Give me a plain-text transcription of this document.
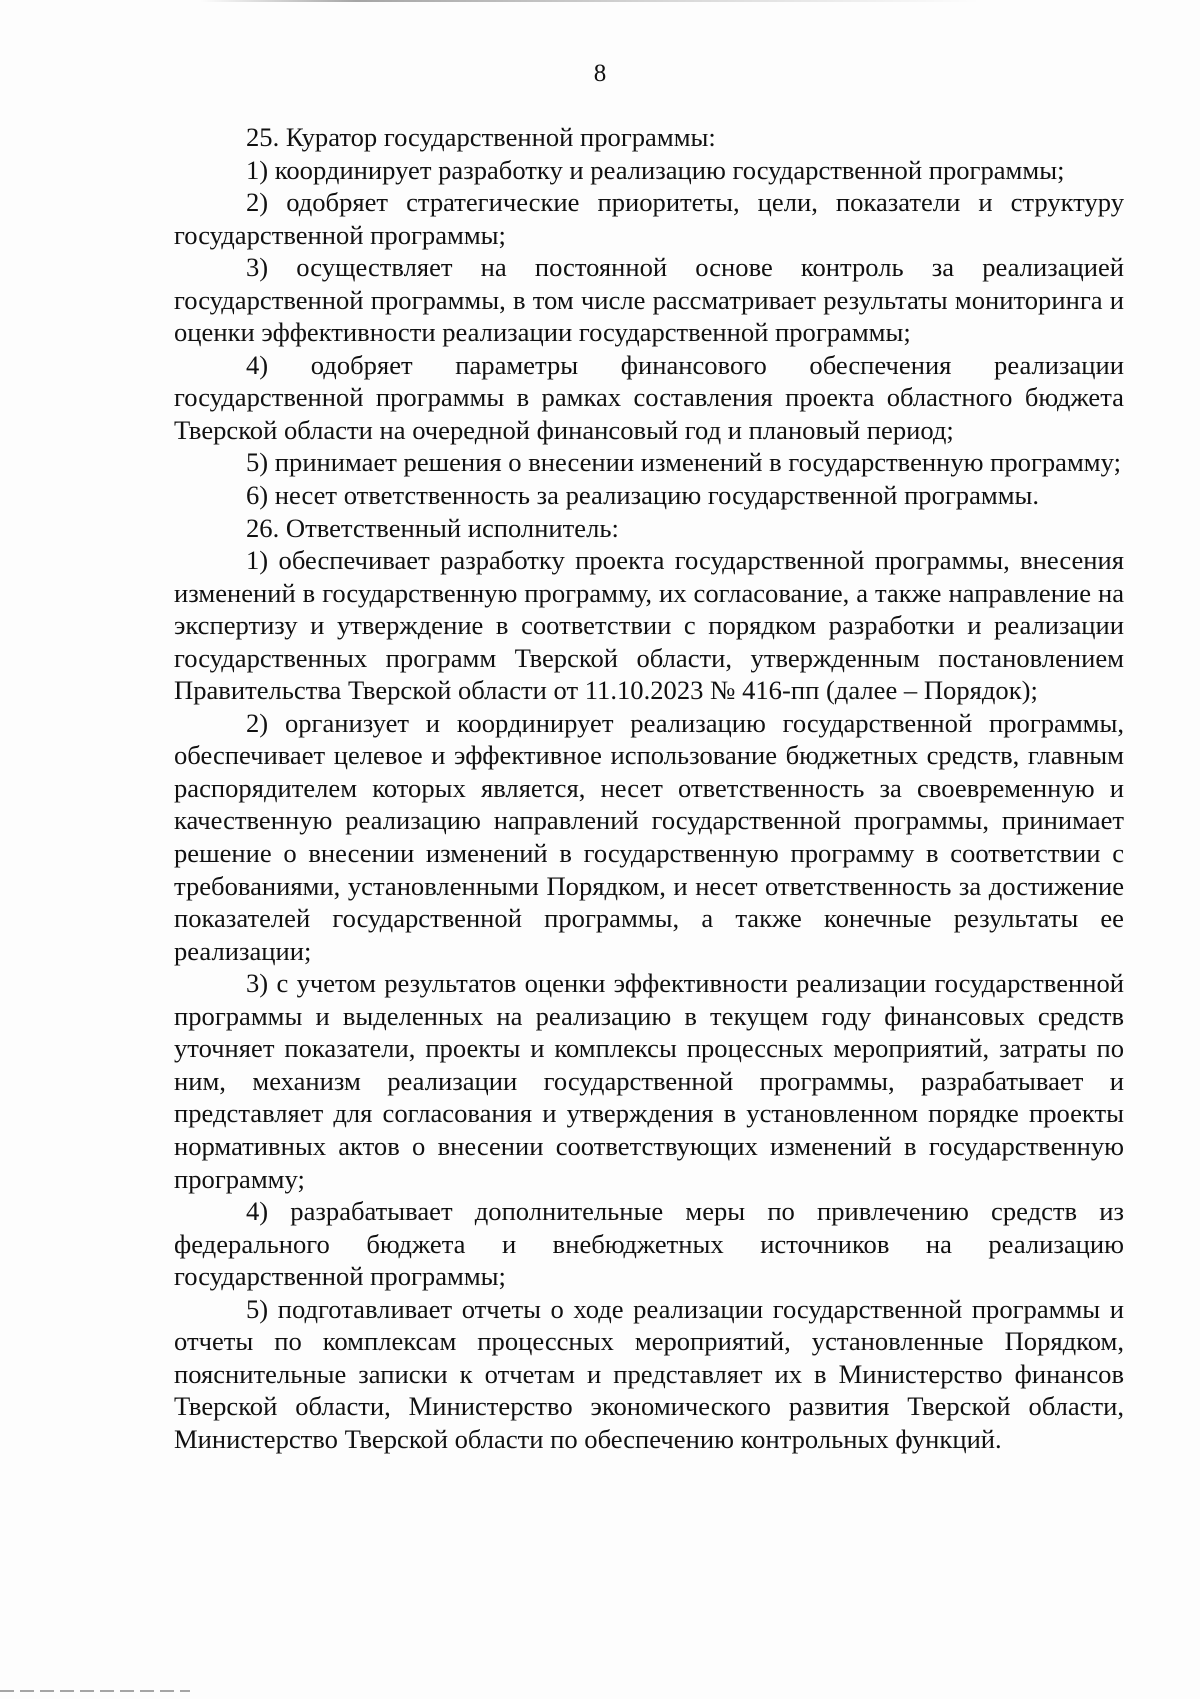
8

25. Куратор государственной программы:

1) координирует разработку и реализацию государственной программы;

2) одобряет стратегические приоритеты, цели, показатели и структуру государственной программы;

3) осуществляет на постоянной основе контроль за реализацией государственной программы, в том числе рассматривает результаты мониторинга и оценки эффективности реализации государственной программы;

4) одобряет параметры финансового обеспечения реализации государственной программы в рамках составления проекта областного бюджета Тверской области на очередной финансовый год и плановый период;

5) принимает решения о внесении изменений в государственную программу;

6) несет ответственность за реализацию государственной программы.

26. Ответственный исполнитель:

1) обеспечивает разработку проекта государственной программы, внесения изменений в государственную программу, их согласование, а также направление на экспертизу и утверждение в соответствии с порядком разработки и реализации государственных программ Тверской области, утвержденным постановлением Правительства Тверской области от 11.10.2023 № 416-пп (далее – Порядок);

2) организует и координирует реализацию государственной программы, обеспечивает целевое и эффективное использование бюджетных средств, главным распорядителем которых является, несет ответственность за своевременную и качественную реализацию направлений государственной программы, принимает решение о внесении изменений в государственную программу в соответствии с требованиями, установленными Порядком, и несет ответственность за достижение показателей государственной программы, а также конечные результаты ее реализации;

3) с учетом результатов оценки эффективности реализации государственной программы и выделенных на реализацию в текущем году финансовых средств уточняет показатели, проекты и комплексы процессных мероприятий, затраты по ним, механизм реализации государственной программы, разрабатывает и представляет для согласования и утверждения в установленном порядке проекты нормативных актов о внесении соответствующих изменений в государственную программу;

4) разрабатывает дополнительные меры по привлечению средств из федерального бюджета и внебюджетных источников на реализацию государственной программы;

5) подготавливает отчеты о ходе реализации государственной программы и отчеты по комплексам процессных мероприятий, установленные Порядком, пояснительные записки к отчетам и представляет их в Министерство финансов Тверской области, Министерство экономического развития Тверской области, Министерство Тверской области по обеспечению контрольных функций.
